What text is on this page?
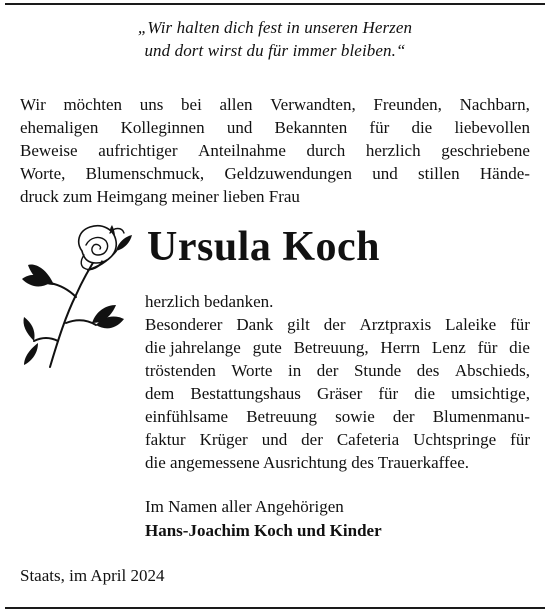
„Wir halten dich fest in unseren Herzen
und dort wirst du für immer bleiben.“
Wir möchten uns bei allen Verwandten, Freunden, Nachbarn,
ehemaligen Kolleginnen und Bekannten für die liebevollen
Beweise aufrichtiger Anteilnahme durch herzlich geschriebene
Worte, Blumenschmuck, Geldzuwendungen und stillen Hände-
druck zum Heimgang meiner lieben Frau
Ursula Koch
herzlich bedanken.
Besonderer Dank gilt der Arztpraxis Laleike für
die jahrelange gute Betreuung, Herrn Lenz für die
tröstenden Worte in der Stunde des Abschieds,
dem Bestattungshaus Gräser für die umsichtige,
einfühlsame Betreuung sowie der Blumenmanu-
faktur Krüger und der Cafeteria Uchtspringe für
die angemessene Ausrichtung des Trauerkaffee.
Im Namen aller Angehörigen
Hans-Joachim Koch und Kinder
Staats, im April 2024
